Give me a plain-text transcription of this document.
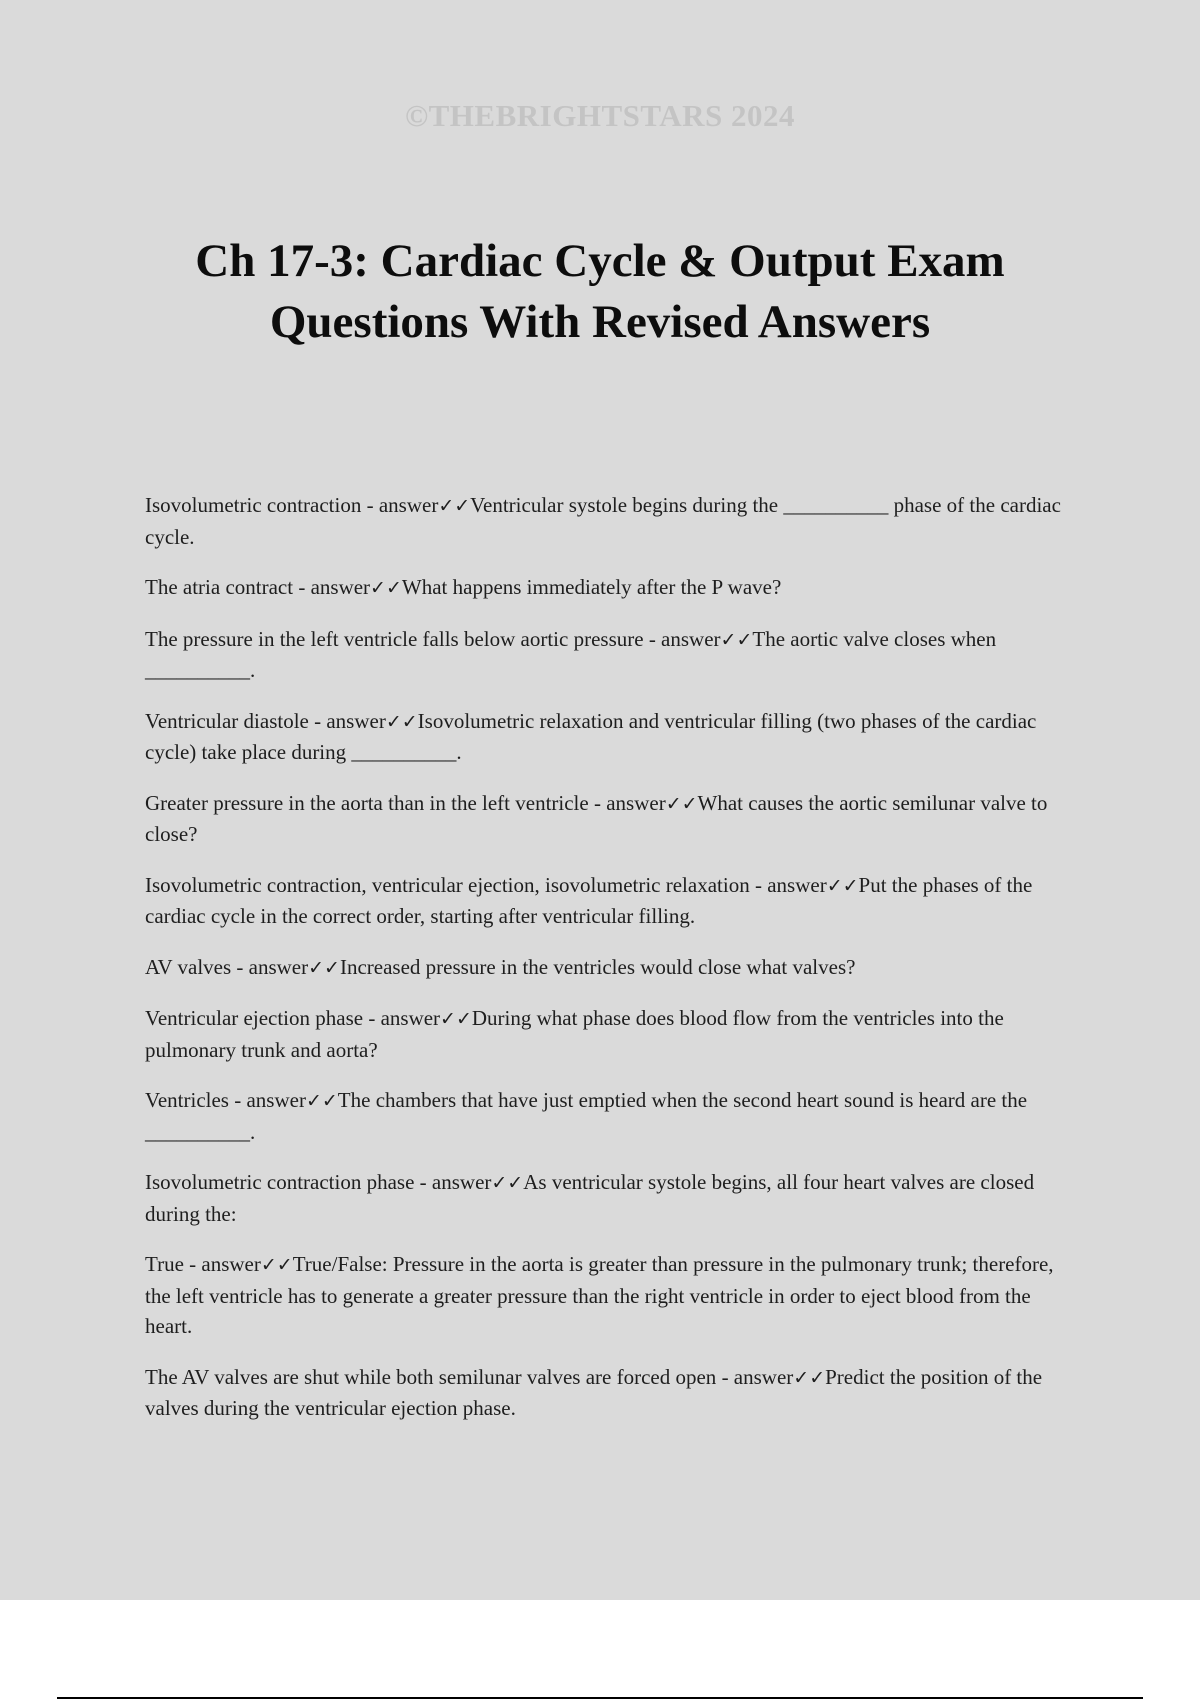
©THEBRIGHTSTARS 2024
Ch 17-3: Cardiac Cycle & Output Exam Questions With Revised Answers
Isovolumetric contraction - answer✓✓Ventricular systole begins during the __________ phase of the cardiac cycle.
The atria contract - answer✓✓What happens immediately after the P wave?
The pressure in the left ventricle falls below aortic pressure - answer✓✓The aortic valve closes when __________.
Ventricular diastole - answer✓✓Isovolumetric relaxation and ventricular filling (two phases of the cardiac cycle) take place during __________.
Greater pressure in the aorta than in the left ventricle - answer✓✓What causes the aortic semilunar valve to close?
Isovolumetric contraction, ventricular ejection, isovolumetric relaxation - answer✓✓Put the phases of the cardiac cycle in the correct order, starting after ventricular filling.
AV valves - answer✓✓Increased pressure in the ventricles would close what valves?
Ventricular ejection phase - answer✓✓During what phase does blood flow from the ventricles into the pulmonary trunk and aorta?
Ventricles - answer✓✓The chambers that have just emptied when the second heart sound is heard are the __________.
Isovolumetric contraction phase - answer✓✓As ventricular systole begins, all four heart valves are closed during the:
True - answer✓✓True/False: Pressure in the aorta is greater than pressure in the pulmonary trunk; therefore, the left ventricle has to generate a greater pressure than the right ventricle in order to eject blood from the heart.
The AV valves are shut while both semilunar valves are forced open - answer✓✓Predict the position of the valves during the ventricular ejection phase.
